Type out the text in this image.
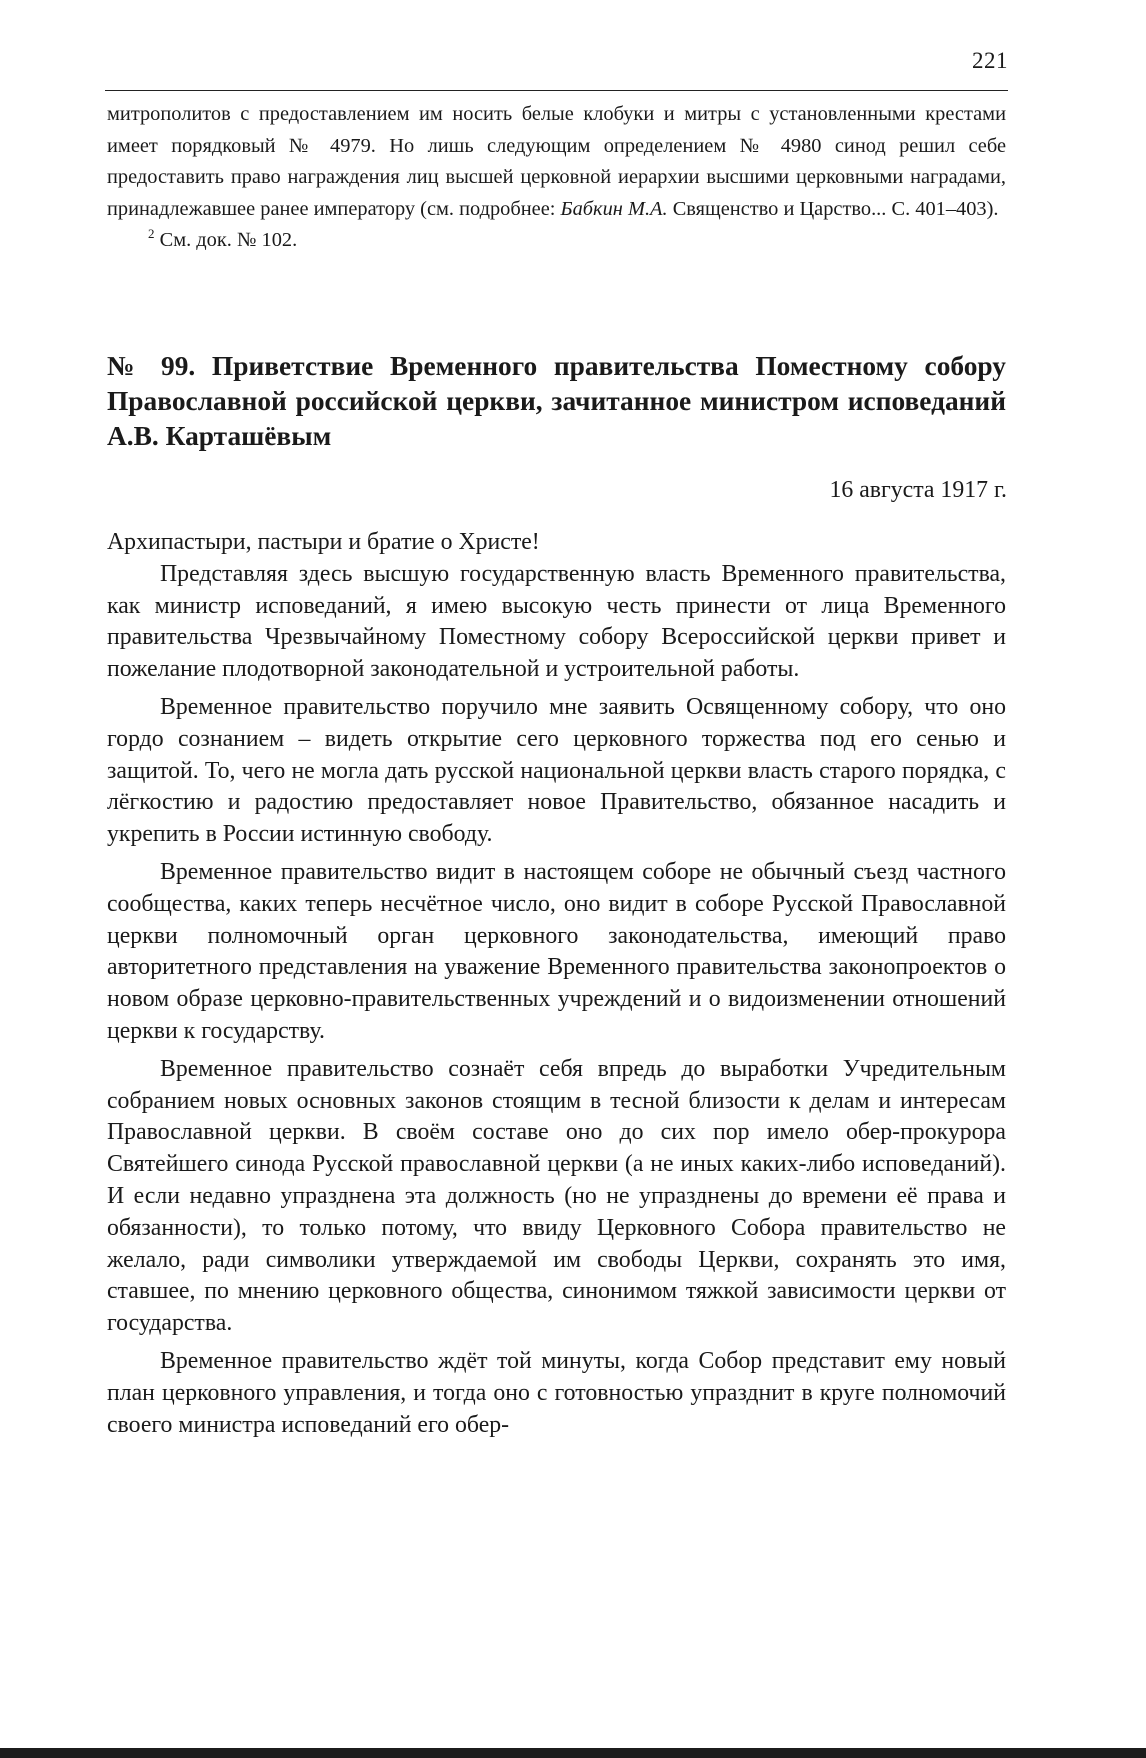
221

митрополитов с предоставлением им носить белые клобуки и митры с установленными крестами имеет порядковый № 4979. Но лишь следующим определением № 4980 синод решил себе предоставить право награждения лиц высшей церковной иерархии высшими церковными наградами, принадлежавшее ранее императору (см. подробнее: Бабкин М.А. Священство и Царство... С. 401–403).

$^2$ См. док. № 102.

№ 99. Приветствие Временного правительства Поместному собору Православной российской церкви, зачитанное министром исповеданий А.В. Карташёвым
16 августа 1917 г.

Архипастыри, пастыри и братие о Христе!

Представляя здесь высшую государственную власть Временного правительства, как министр исповеданий, я имею высокую честь принести от лица Временного правительства Чрезвычайному Поместному собору Всероссийской церкви привет и пожелание плодотворной законодательной и устроительной работы.

Временное правительство поручило мне заявить Освященному собору, что оно гордо сознанием – видеть открытие сего церковного торжества под его сенью и защитой. То, чего не могла дать русской национальной церкви власть старого порядка, с лёгкостию и радостию предоставляет новое Правительство, обязанное насадить и укрепить в России истинную свободу.

Временное правительство видит в настоящем соборе не обычный съезд частного сообщества, каких теперь несчётное число, оно видит в соборе Русской Православной церкви полномочный орган церковного законодательства, имеющий право авторитетного представления на уважение Временного правительства законопроектов о новом образе церковно-правительственных учреждений и о видоизменении отношений церкви к государству.

Временное правительство сознаёт себя впредь до выработки Учредительным собранием новых основных законов стоящим в тесной близости к делам и интересам Православной церкви. В своём составе оно до сих пор имело обер-прокурора Святейшего синода Русской православной церкви (а не иных каких-либо исповеданий). И если недавно упразднена эта должность (но не упразднены до времени её права и обязанности), то только потому, что ввиду Церковного Собора правительство не желало, ради символики утверждаемой им свободы Церкви, сохранять это имя, ставшее, по мнению церковного общества, синонимом тяжкой зависимости церкви от государства.

Временное правительство ждёт той минуты, когда Собор представит ему новый план церковного управления, и тогда оно с готовностью упразднит в круге полномочий своего министра исповеданий его обер-
